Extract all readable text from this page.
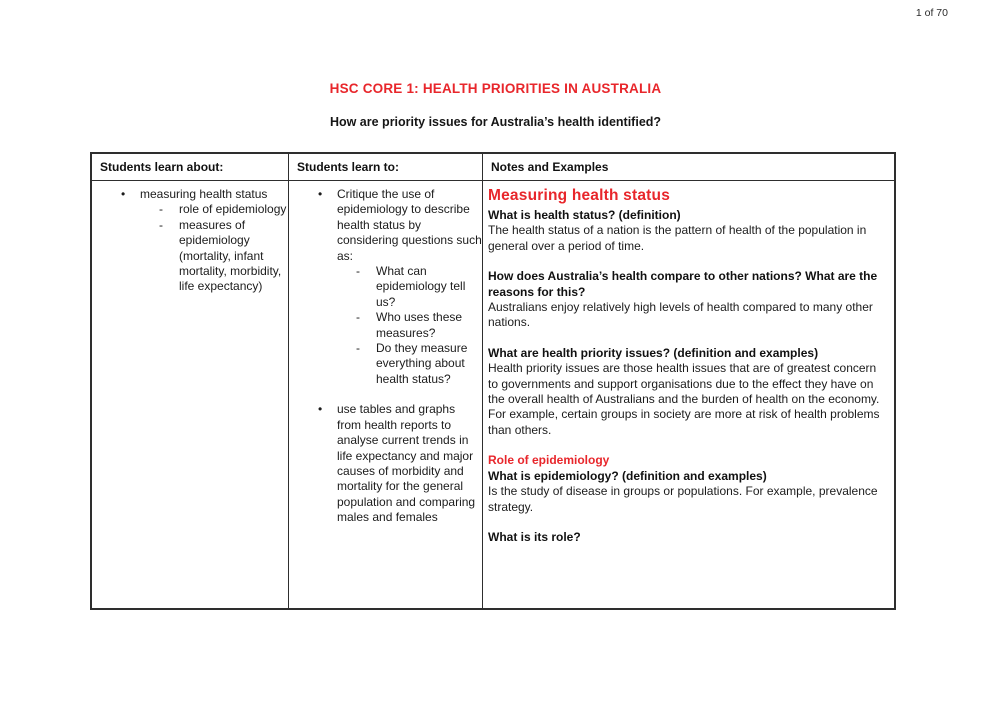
1 of 70
HSC CORE 1: HEALTH PRIORITIES IN AUSTRALIA
How are priority issues for Australia’s health identified?
Students learn about:	Students learn to:	Notes and Examples
•
measuring health status
-
role of epidemiology
-
measures of epidemiology (mortality, infant mortality, morbidity, life expectancy)
•
Critique the use of epidemiology to describe health status by considering questions such as:
-
What can epidemiology tell us?
-
Who uses these measures?
-
Do they measure everything about health status?
•
use tables and graphs from health reports to analyse current trends in life expectancy and major causes of morbidity and mortality for the general population and comparing males and females
Measuring health status
What is health status? (definition)
The health status of a nation is the pattern of health of the population in general over a period of time.
How does Australia’s health compare to other nations? What are the reasons for this?
Australians enjoy relatively high levels of health compared to many other nations.
What are health priority issues? (definition and examples)
Health priority issues are those health issues that are of greatest concern to governments and support organisations due to the effect they have on the overall health of Australians and the burden of health on the economy.
For example, certain groups in society are more at risk of health problems than others.
Role of epidemiology
What is epidemiology? (definition and examples)
Is the study of disease in groups or populations. For example, prevalence strategy.
What is its role?
